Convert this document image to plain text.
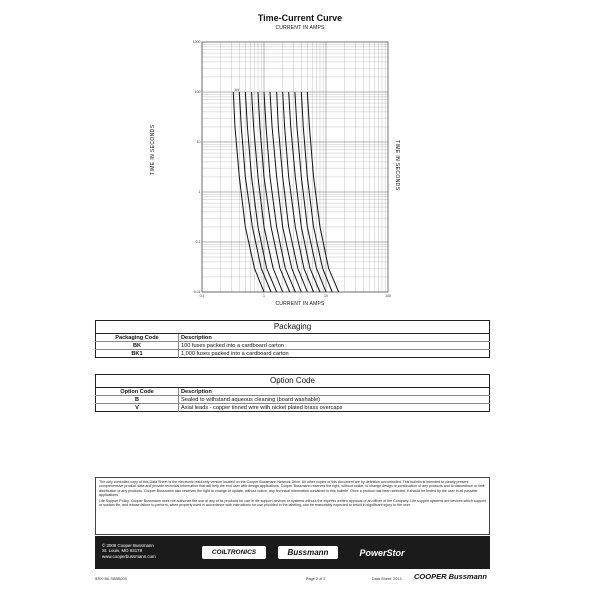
Time-Current Curve
CURRENT IN AMPS
TIME IN SECONDS	TIME IN SECONDS
0.1	1	10	100
0.01
0.1
1
10
100
1000
1/4
CURRENT IN AMPS
Packaging	
Packaging Code	Description
BK	100 fuses packed into a cardboard carton
BK1	1,000 fuses packed into a cardboard carton
Option Code	
Option Code	Description
B	Sealed to withstand aqueous cleaning (board washable)
V	Axial leads - copper tinned wire with nickel plated brass overcaps

The only controlled copy of this Data Sheet is the electronic read-only version located on the Cooper Bussmann Network Drive. All other copies of this document are by definition uncontrolled. This bulletin is intended to clearly present comprehensive product data and provide technical information that will help the end user with design applications. Cooper Bussmann reserves the right, without notice, to change design or construction of any products and to discontinue or limit distribution of any products. Cooper Bussmann also reserves the right to change or update, without notice, any technical information contained in this bulletin. Once a product has been selected, it should be tested by the user in all possible applications.

Life Support Policy: Cooper Bussmann does not authorize the use of any of its products for use in life support devices or systems without the express written approval of an officer of the Company. Life support systems are devices which support or sustain life, and whose failure to perform, when properly used in accordance with instructions for use provided in the labeling, can be reasonably expected to result in significant injury to the user.

© 2008 Cooper Bussmann
St. Louis, MO 63178
www.cooperbussmann.com
COILTRONICS	Bussmann	PowerStor
5709 BII-SBBB009	Page 2 of 2	Data Sheet: 2013 COOPER Bussmann
